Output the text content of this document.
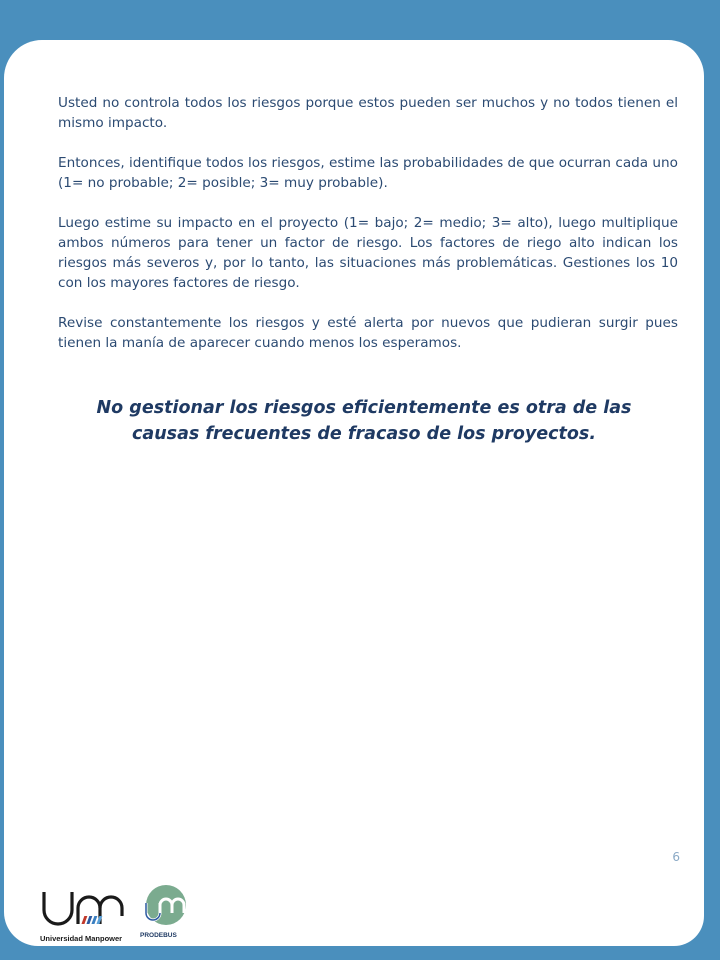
Usted no controla todos los riesgos porque estos pueden ser muchos y no todos tienen el mismo impacto.

Entonces, identifique todos los riesgos, estime las probabilidades de que ocurran cada uno (1= no probable; 2= posible; 3= muy probable).

Luego estime su impacto en el proyecto (1= bajo; 2= medio; 3= alto), luego multiplique ambos números para tener un factor de riesgo. Los factores de riego alto indican los riesgos más severos y, por lo tanto, las situaciones más problemáticas. Gestiones los 10 con los mayores factores de riesgo.

Revise constantemente los riesgos y esté alerta por nuevos que pudieran surgir pues tienen la manía de aparecer cuando menos los esperamos.

No gestionar los riesgos eficientemente es otra de las causas frecuentes de fracaso de los proyectos.
6
Universidad Manpower	PRODEBUS
